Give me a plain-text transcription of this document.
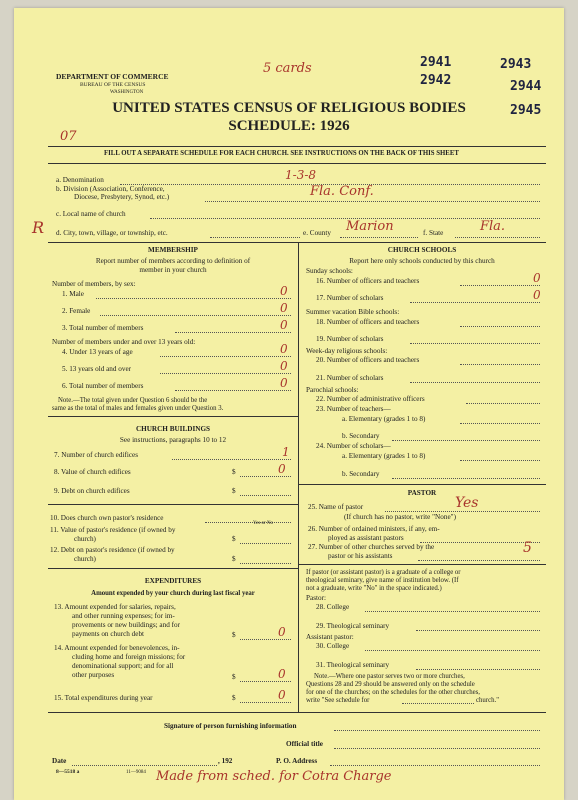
DEPARTMENT OF COMMERCE
BUREAU OF THE CENSUS
WASHINGTON
5 cards	2941
2942
2943
2944
2945
UNITED STATES CENSUS OF RELIGIOUS BODIES
SCHEDULE: 1926
07
FILL OUT A SEPARATE SCHEDULE FOR EACH CHURCH. SEE INSTRUCTIONS ON THE BACK OF THIS SHEET
a. Denomination	1-3-8
b. Division (Association, Conference,
Diocese, Presbytery, Synod, etc.)	Fla. Conf.
c. Local name of church
R d. City, town, village, or township, etc.	e. County Marion	f. State	Fla.
MEMBERSHIP
Report number of members according to definition of
member in your church
Number of members, by sex:
1. Male	0
2. Female	0
3. Total number of members	0
Number of members under and over 13 years old:
4. Under 13 years of age	0
5. 13 years old and over	0
6. Total number of members	0
Note.—The total given under Question 6 should be the
same as the total of males and females given under Question 3.
CHURCH BUILDINGS
See instructions, paragraphs 10 to 12
7. Number of church edifices	1
8. Value of church edifices	$	0
9. Debt on church edifices	$
10. Does church own pastor's residence
Yes or No
11. Value of pastor's residence (if owned by
church)	$
12. Debt on pastor's residence (if owned by
church)	$
EXPENDITURES
Amount expended by your church during last fiscal year
13. Amount expended for salaries, repairs,
and other running expenses; for im-
provements or new buildings; and for
payments on church debt	$	0
14. Amount expended for benevolences, in-
cluding home and foreign missions; for
denominational support; and for all
other purposes	$	0
15. Total expenditures during year	$	0
CHURCH SCHOOLS
Report here only schools conducted by this church
Sunday schools:
16. Number of officers and teachers	0
17. Number of scholars	0
Summer vacation Bible schools:
18. Number of officers and teachers
19. Number of scholars
Week-day religious schools:
20. Number of officers and teachers
21. Number of scholars
Parochial schools:
22. Number of administrative officers
23. Number of teachers—
a. Elementary (grades 1 to 8)
b. Secondary
24. Number of scholars—
a. Elementary (grades 1 to 8)
b. Secondary
PASTOR
25. Name of pastor	Yes
(If church has no pastor, write "None")
26. Number of ordained ministers, if any, em-
ployed as assistant pastors
27. Number of other churches served by the
pastor or his assistants	5
If pastor (or assistant pastor) is a graduate of a college or
theological seminary, give name of institution below. (If
not a graduate, write "No" in the space indicated.)
Pastor:
28. College
29. Theological seminary
Assistant pastor:
30. College
31. Theological seminary
Note.—Where one pastor serves two or more churches,
Questions 28 and 29 should be answered only on the schedule
for one of the churches; on the schedules for the other churches,
write "See schedule for	church."
Signature of person furnishing information
Official title
Date	, 192	P. O. Address
8—5518 a	11—9084 Made from sched. for Cotra Charge
